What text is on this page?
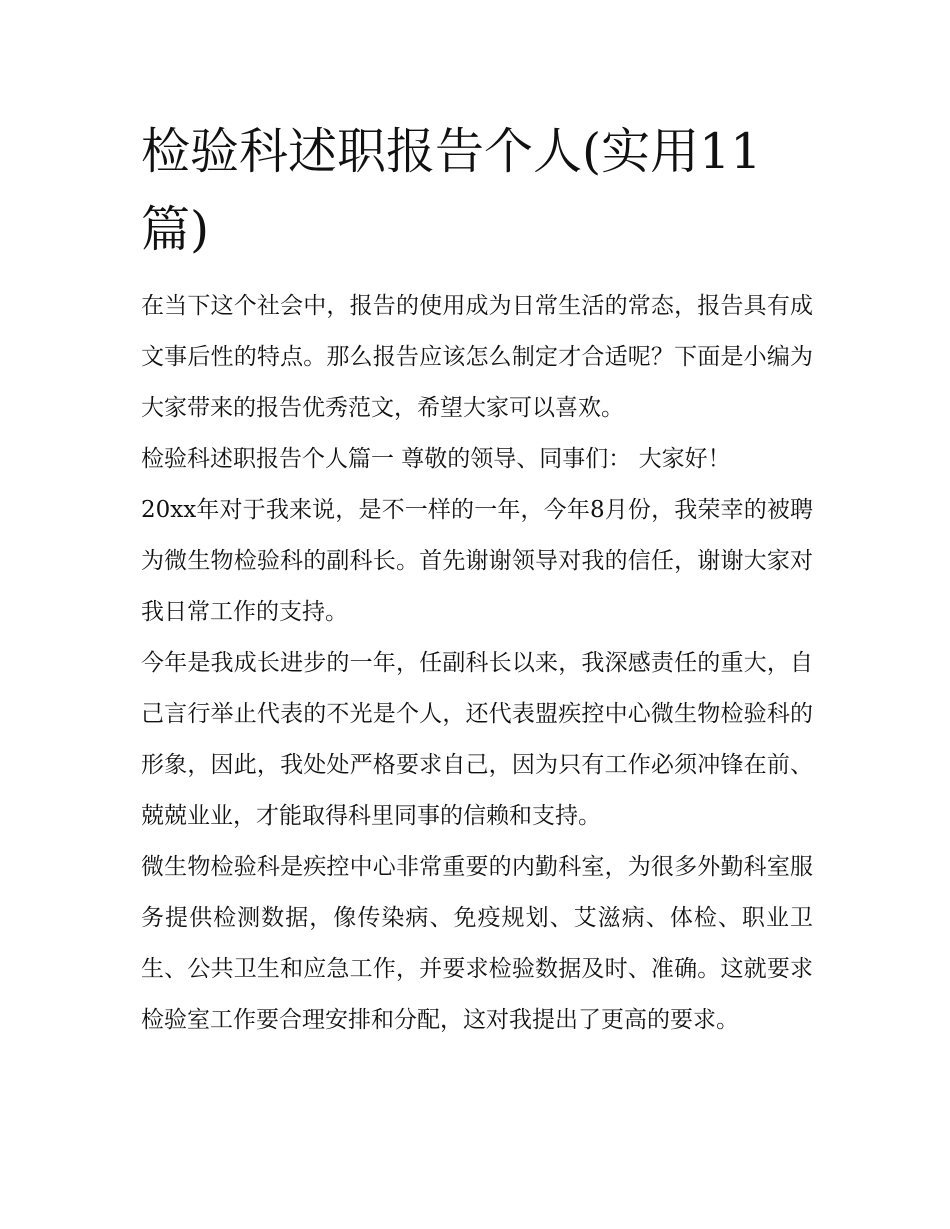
检验科述职报告个人(实用11篇)

在当下这个社会中，报告的使用成为日常生活的常态，报告具有成文事后性的特点。那么报告应该怎么制定才合适呢？下面是小编为大家带来的报告优秀范文，希望大家可以喜欢。

检验科述职报告个人篇一 尊敬的领导、同事们： 大家好！

20xx年对于我来说，是不一样的一年，今年8月份，我荣幸的被聘为微生物检验科的副科长。首先谢谢领导对我的信任，谢谢大家对我日常工作的支持。

今年是我成长进步的一年，任副科长以来，我深感责任的重大，自己言行举止代表的不光是个人，还代表盟疾控中心微生物检验科的形象，因此，我处处严格要求自己，因为只有工作必须冲锋在前、兢兢业业，才能取得科里同事的信赖和支持。

微生物检验科是疾控中心非常重要的内勤科室，为很多外勤科室服务提供检测数据，像传染病、免疫规划、艾滋病、体检、职业卫生、公共卫生和应急工作，并要求检验数据及时、准确。这就要求检验室工作要合理安排和分配，这对我提出了更高的要求。
